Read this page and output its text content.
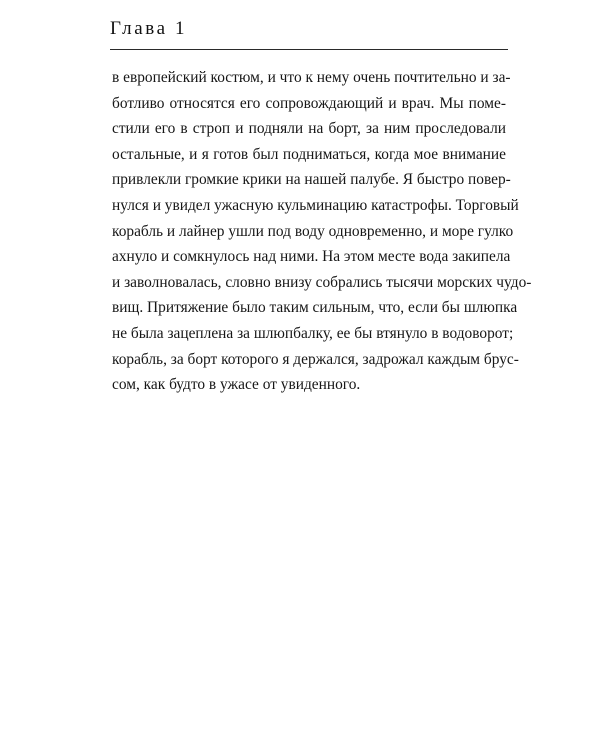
Глава 1
в европейский костюм, и что к нему очень почтительно и за-
ботливо относятся его сопровождающий и врач. Мы помe-
стили его в строп и подняли на борт, за ним проследовали
остальные, и я готов был подниматься, когда мое внимание
привлекли громкие крики на нашей палубе. Я быстро повер-
нулся и увидел ужасную кульминацию катастрофы. Торговый
корабль и лайнер ушли под воду одновременно, и море гулко
ахнуло и сомкнулось над ними. На этом месте вода закипела
и заволновалась, словно внизу собрались тысячи морских чудо-
вищ. Притяжение было таким сильным, что, если бы шлюпка
не была зацеплена за шлюпбалку, ее бы втянуло в водоворот;
корабль, за борт которого я держался, задрожал каждым брус-
сом, как будто в ужасе от увиденного.
